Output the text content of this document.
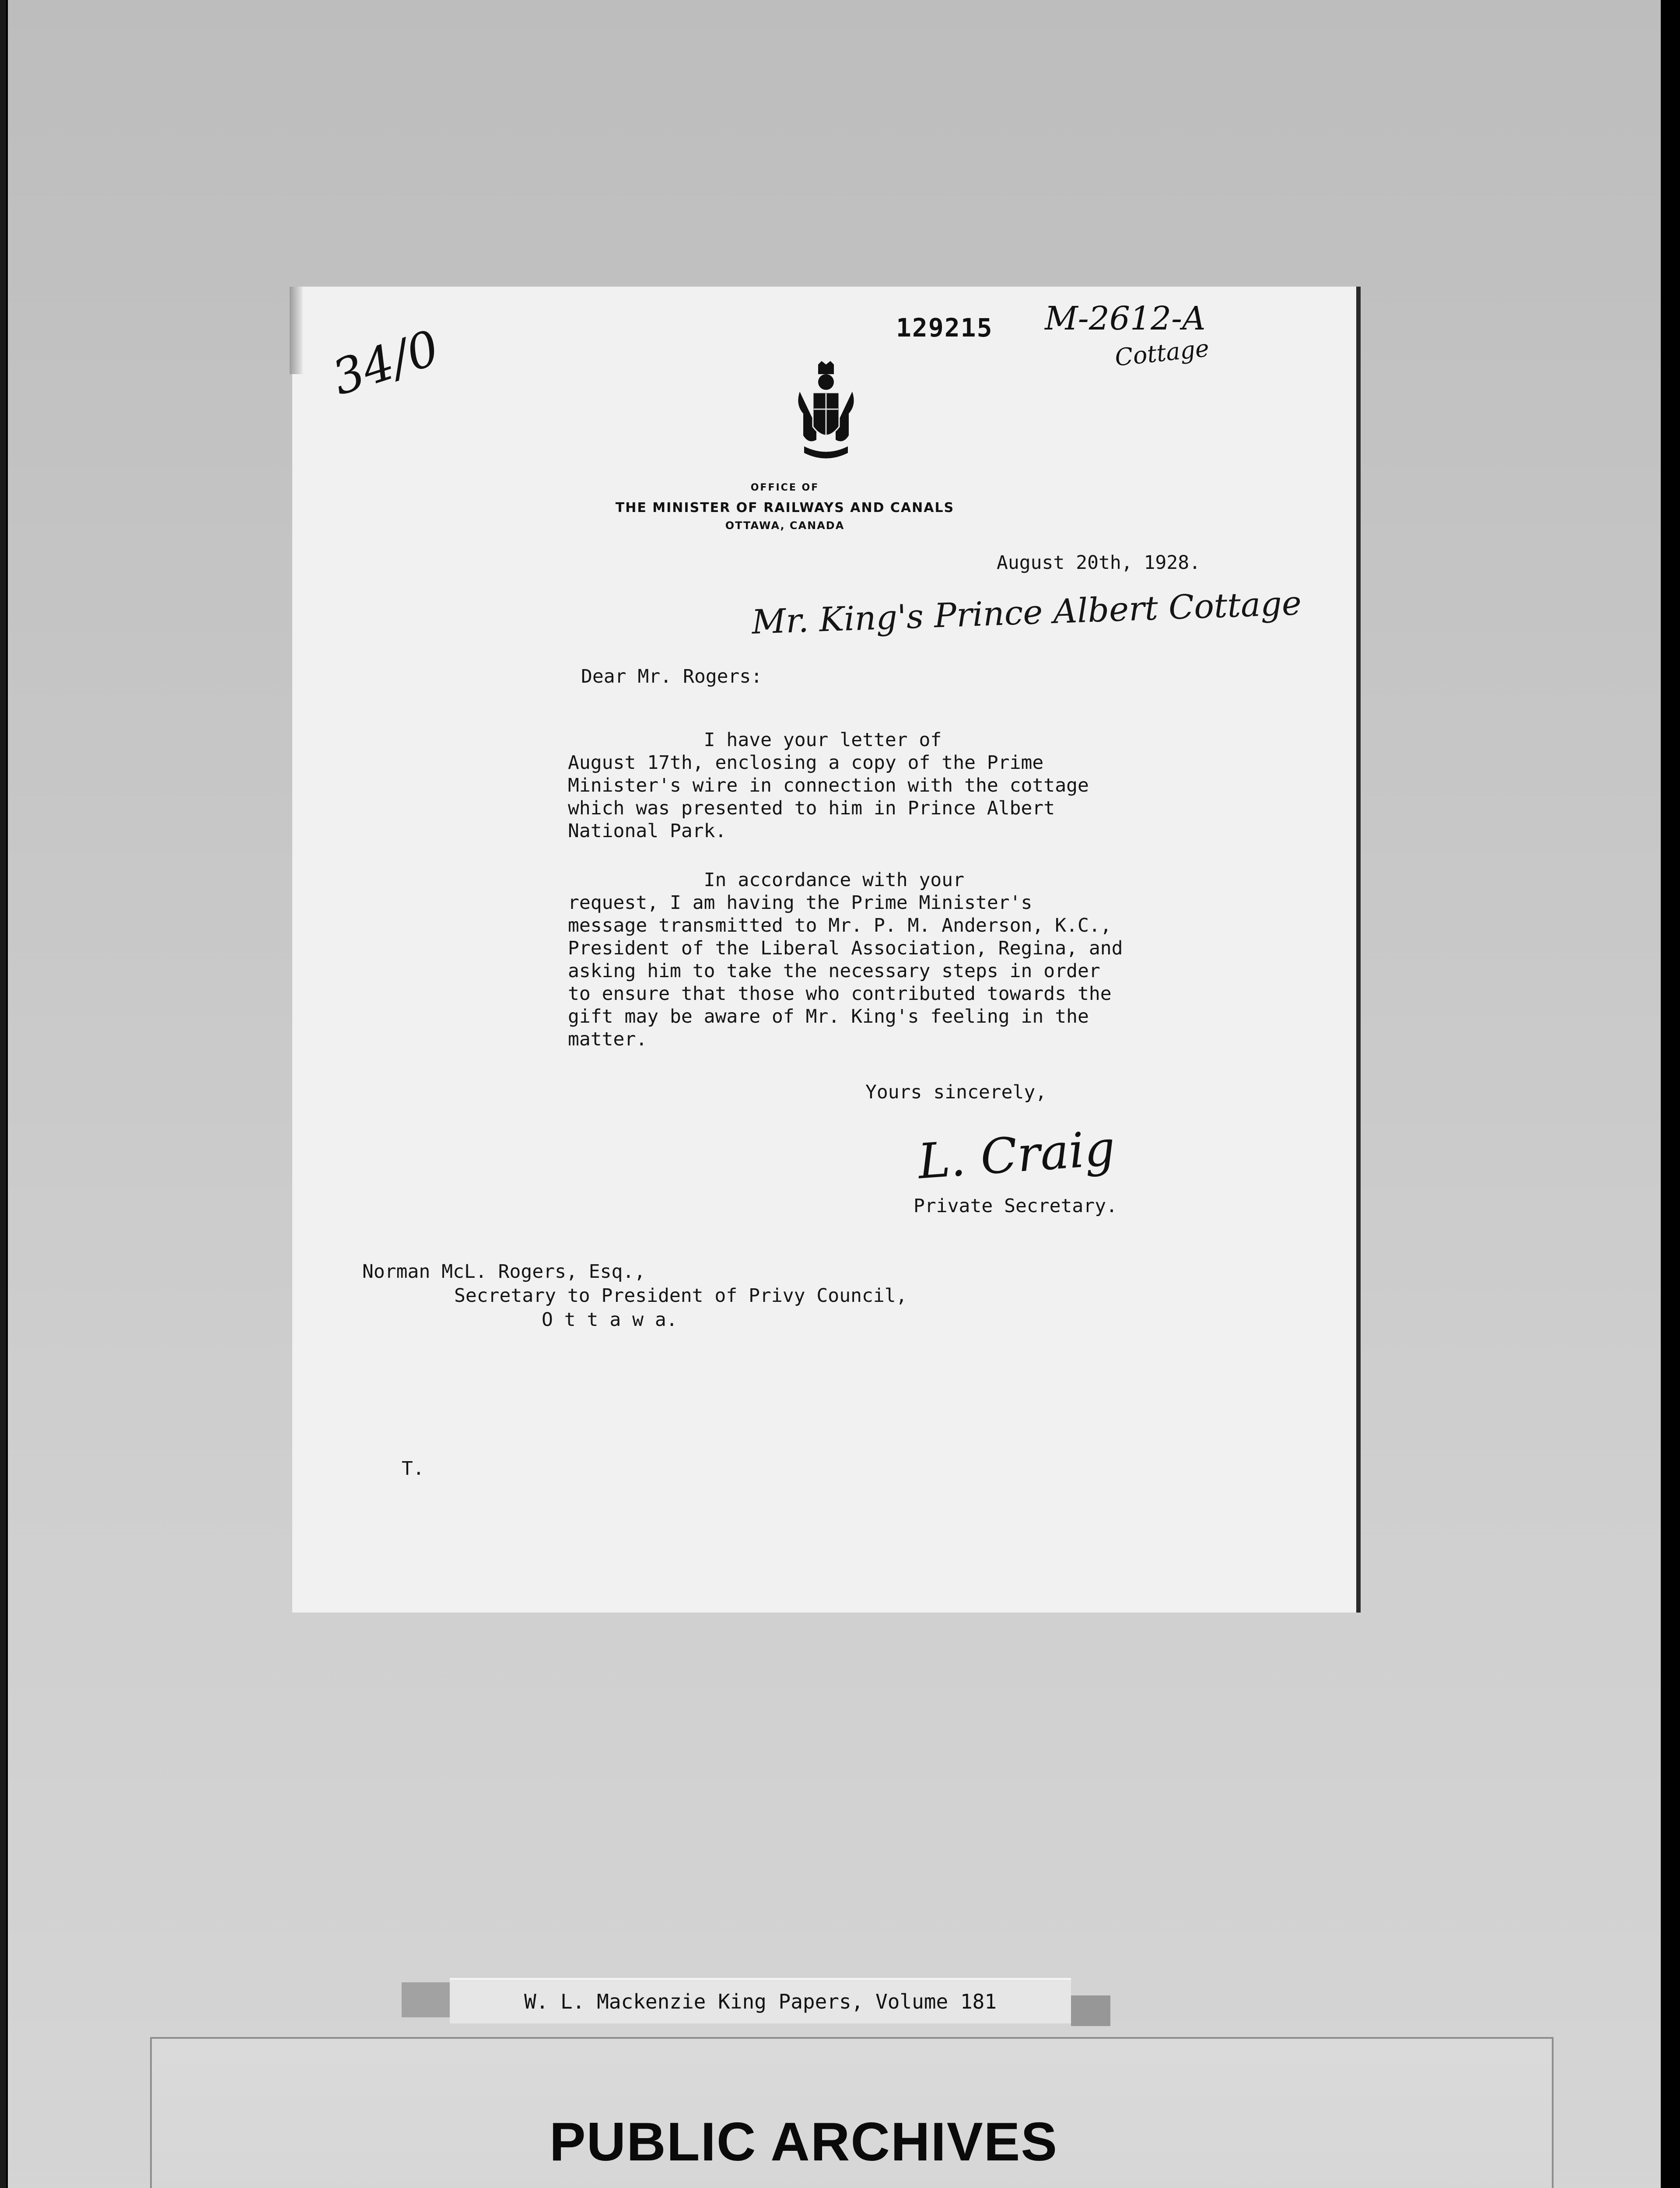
34/0	129215 M-2612-A
Cottage
OFFICE OF
THE MINISTER OF RAILWAYS AND CANALS
OTTAWA, CANADA
August 20th, 1928.
Mr. King's Prince Albert Cottage
Dear Mr. Rogers:
I have your letter of
August 17th, enclosing a copy of the Prime
Minister's wire in connection with the cottage
which was presented to him in Prince Albert
National Park.
In accordance with your
request, I am having the Prime Minister's
message transmitted to Mr. P. M. Anderson, K.C.,
President of the Liberal Association, Regina, and
asking him to take the necessary steps in order
to ensure that those who contributed towards the
gift may be aware of Mr. King's feeling in the
matter.
Yours sincerely,
L. Craig
Private Secretary.
Norman McL. Rogers, Esq.,
Secretary to President of Privy Council,
O t t a w a.
T.
W. L. Mackenzie King Papers, Volume 181
PUBLIC ARCHIVES
